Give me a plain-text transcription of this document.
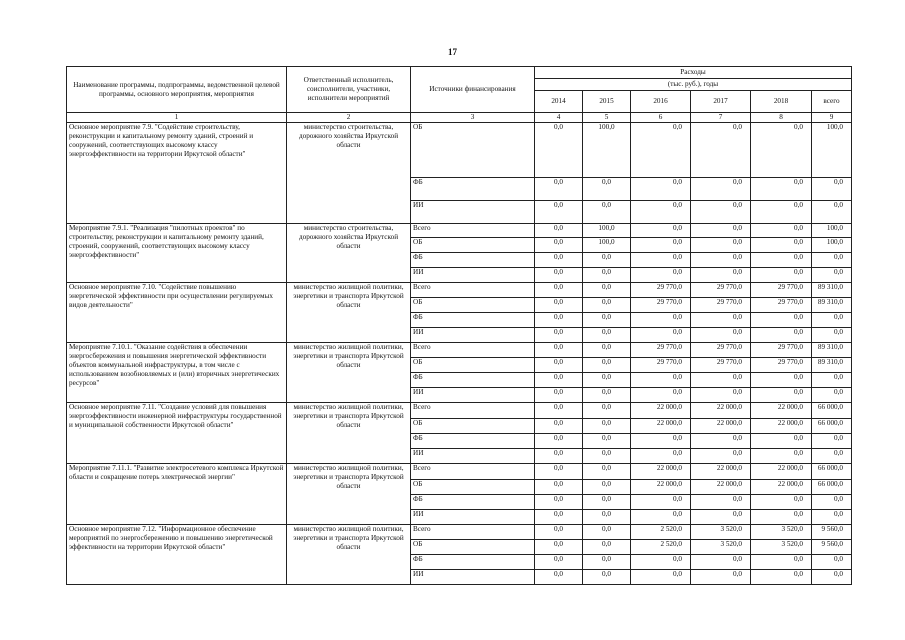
17
Наименование программы, подпрограммы, ведомственной целевой программы, основного мероприятия, мероприятия	Ответственный исполнитель, соисполнители, участники, исполнители мероприятий	Источники финансирования	Расходы					
			(тыс. руб.), годы					
			2014	2015	2016	2017	2018	всего
1	2	3	4	5	6	7	8	9
Основное мероприятие 7.9. "Содействие строительству, реконструкции и капитальному ремонту зданий, строений и сооружений, соответствующих высокому классу энергоэффективности на территории Иркутской области"	министерство строительства, дорожного хозяйства Иркутской области	ОБ	0,0	100,0	0,0	0,0	0,0	100,0
		ФБ	0,0	0,0	0,0	0,0	0,0	0,0
		ИИ	0,0	0,0	0,0	0,0	0,0	0,0
Мероприятие 7.9.1. "Реализация "пилотных проектов" по строительству, реконструкции и капитальному ремонту зданий, строений, сооружений, соответствующих высокому классу энергоэффективности"	министерство строительства, дорожного хозяйства Иркутской области	Всего	0,0	100,0	0,0	0,0	0,0	100,0
		ОБ	0,0	100,0	0,0	0,0	0,0	100,0
		ФБ	0,0	0,0	0,0	0,0	0,0	0,0
		ИИ	0,0	0,0	0,0	0,0	0,0	0,0
Основное мероприятие 7.10. "Содействие повышению энергетической эффективности при осуществлении регулируемых видов деятельности"	министерство жилищной политики, энергетики и транспорта Иркутской области	Всего	0,0	0,0	29 770,0	29 770,0	29 770,0	89 310,0
		ОБ	0,0	0,0	29 770,0	29 770,0	29 770,0	89 310,0
		ФБ	0,0	0,0	0,0	0,0	0,0	0,0
		ИИ	0,0	0,0	0,0	0,0	0,0	0,0
Мероприятие 7.10.1. "Оказание содействия в обеспечении энергосбережения и повышения энергетической эффективности объектов коммунальной инфраструктуры, в том числе с использованием возобновляемых и (или) вторичных энергетических ресурсов"	министерство жилищной политики, энергетики и транспорта Иркутской области	Всего	0,0	0,0	29 770,0	29 770,0	29 770,0	89 310,0
		ОБ	0,0	0,0	29 770,0	29 770,0	29 770,0	89 310,0
		ФБ	0,0	0,0	0,0	0,0	0,0	0,0
		ИИ	0,0	0,0	0,0	0,0	0,0	0,0
Основное мероприятие 7.11. "Создание условий для повышения энергоэффективности инженерной инфраструктуры государственной и муниципальной собственности Иркутской области"	министерство жилищной политики, энергетики и транспорта Иркутской области	Всего	0,0	0,0	22 000,0	22 000,0	22 000,0	66 000,0
		ОБ	0,0	0,0	22 000,0	22 000,0	22 000,0	66 000,0
		ФБ	0,0	0,0	0,0	0,0	0,0	0,0
		ИИ	0,0	0,0	0,0	0,0	0,0	0,0
Мероприятие 7.11.1. "Развитие электросетевого комплекса Иркутской области и сокращение потерь электрической энергии"	министерство жилищной политики, энергетики и транспорта Иркутской области	Всего	0,0	0,0	22 000,0	22 000,0	22 000,0	66 000,0
		ОБ	0,0	0,0	22 000,0	22 000,0	22 000,0	66 000,0
		ФБ	0,0	0,0	0,0	0,0	0,0	0,0
		ИИ	0,0	0,0	0,0	0,0	0,0	0,0
Основное мероприятие 7.12. "Информационное обеспечение мероприятий по энергосбережению и повышению энергетической эффективности на территории Иркутской области"	министерство жилищной политики, энергетики и транспорта Иркутской области	Всего	0,0	0,0	2 520,0	3 520,0	3 520,0	9 560,0
		ОБ	0,0	0,0	2 520,0	3 520,0	3 520,0	9 560,0
		ФБ	0,0	0,0	0,0	0,0	0,0	0,0
		ИИ	0,0	0,0	0,0	0,0	0,0	0,0
